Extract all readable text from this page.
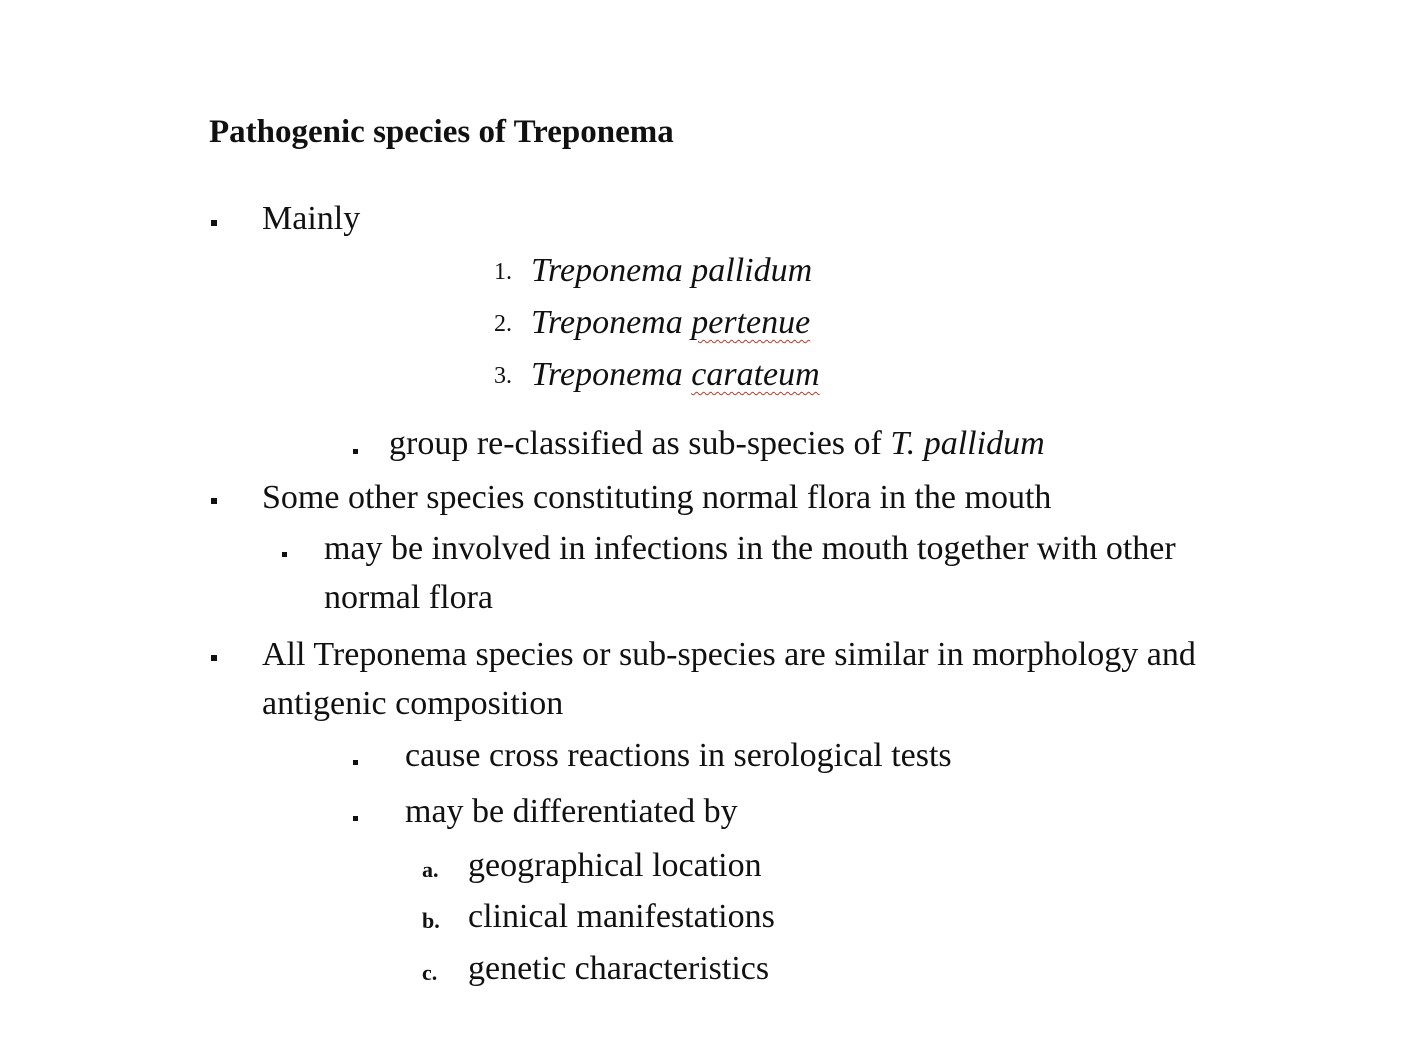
Pathogenic species of Treponema
Mainly
1. Treponema pallidum
2. Treponema pertenue
3. Treponema carateum
group re-classified as sub-species of T. pallidum
Some other species constituting normal flora in the mouth
may be involved in infections in the mouth together with other
normal flora
All Treponema species or sub-species are similar in morphology and
antigenic composition
cause cross reactions in serological tests
may be differentiated by
a. geographical location
b. clinical manifestations
c. genetic characteristics
